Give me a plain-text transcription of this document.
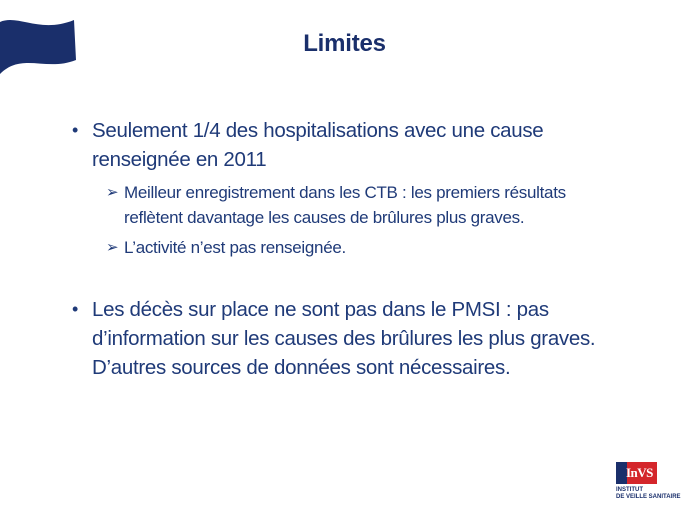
Limites
• Seulement 1/4 des hospitalisations avec une cause
renseignée en 2011
➢ Meilleur enregistrement dans les CTB : les premiers résultats
reflètent davantage les causes de brûlures plus graves.
➢ L’activité n’est pas renseignée.
• Les décès sur place ne sont pas dans le PMSI : pas
d’information sur les causes des brûlures les plus graves.
D’autres sources de données sont nécessaires.
InVS
INSTITUT
DE VEILLE SANITAIRE
